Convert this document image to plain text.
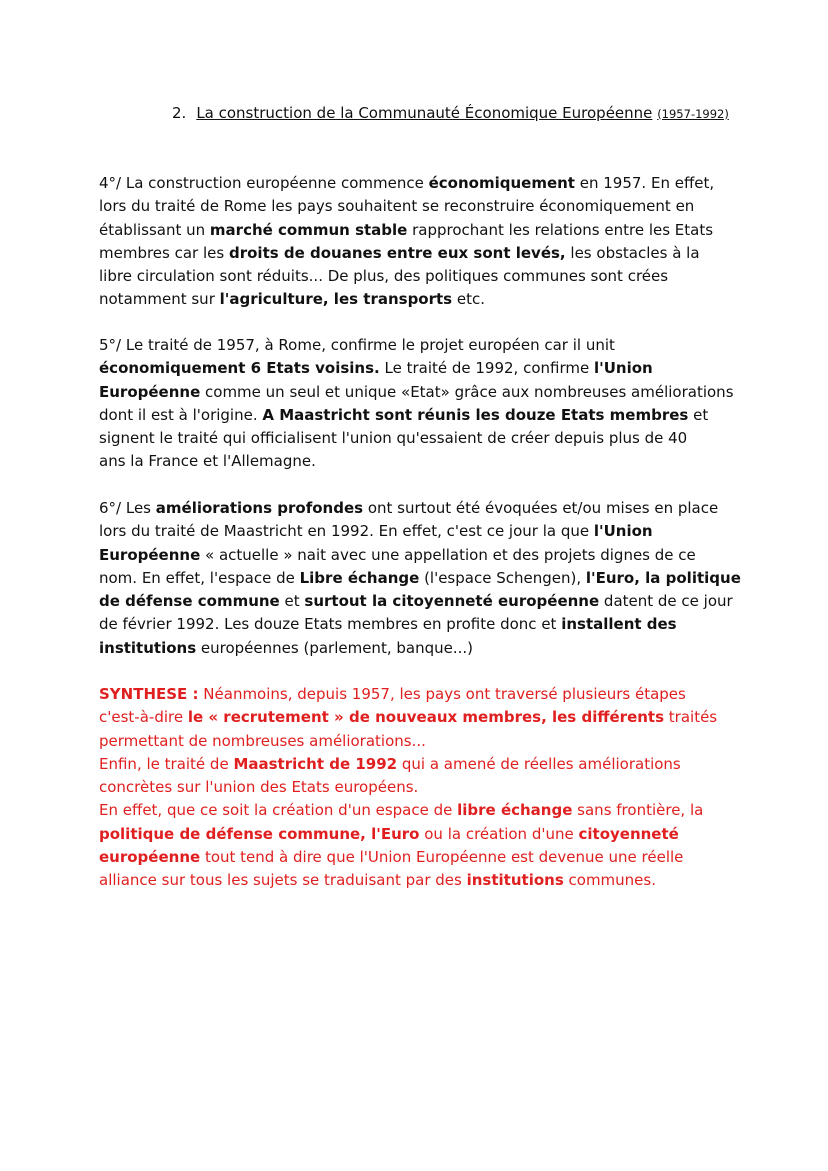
2. La construction de la Communauté Économique Européenne (1957-1992)
4°/ La construction européenne commence économiquement en 1957. En effet,
lors du traité de Rome les pays souhaitent se reconstruire économiquement en
établissant un marché commun stable rapprochant les relations entre les Etats
membres car les droits de douanes entre eux sont levés, les obstacles à la
libre circulation sont réduits... De plus, des politiques communes sont crées
notamment sur l'agriculture, les transports etc.
5°/ Le traité de 1957, à Rome, confirme le projet européen car il unit
économiquement 6 Etats voisins. Le traité de 1992, confirme l'Union
Européenne comme un seul et unique «Etat» grâce aux nombreuses améliorations
dont il est à l'origine. A Maastricht sont réunis les douze Etats membres et
signent le traité qui officialisent l'union qu'essaient de créer depuis plus de 40
ans la France et l'Allemagne.
6°/ Les améliorations profondes ont surtout été évoquées et/ou mises en place
lors du traité de Maastricht en 1992. En effet, c'est ce jour la que l'Union
Européenne « actuelle » nait avec une appellation et des projets dignes de ce
nom. En effet, l'espace de Libre échange (l'espace Schengen), l'Euro, la politique
de défense commune et surtout la citoyenneté européenne datent de ce jour
de février 1992. Les douze Etats membres en profite donc et installent des
institutions européennes (parlement, banque...)
SYNTHESE : Néanmoins, depuis 1957, les pays ont traversé plusieurs étapes
c'est-à-dire le « recrutement » de nouveaux membres, les différents traités
permettant de nombreuses améliorations...
Enfin, le traité de Maastricht de 1992 qui a amené de réelles améliorations
concrètes sur l'union des Etats européens.
En effet, que ce soit la création d'un espace de libre échange sans frontière, la
politique de défense commune, l'Euro ou la création d'une citoyenneté
européenne tout tend à dire que l'Union Européenne est devenue une réelle
alliance sur tous les sujets se traduisant par des institutions communes.
